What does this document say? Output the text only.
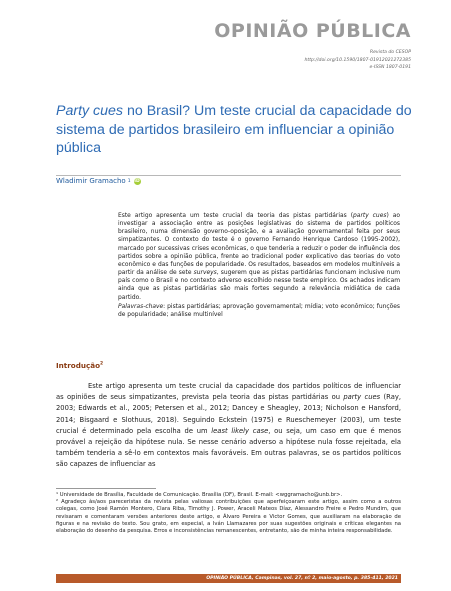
OPINIÃO PÚBLICA
Revista do CESOP
http://doi.org/10.1590/1807-01912021272385
e-ISSN 1807-0191
Party cues no Brasil? Um teste crucial da capacidade do sistema de partidos brasileiro em influenciar a opinião pública
Wladimir Gramacho 1 iD

Este artigo apresenta um teste crucial da teoria das pistas partidárias (party cues) ao investigar a associação entre as posições legislativas do sistema de partidos políticos brasileiro, numa dimensão governo-oposição, e a avaliação governamental feita por seus simpatizantes. O contexto do teste é o governo Fernando Henrique Cardoso (1995-2002), marcado por sucessivas crises econômicas, o que tenderia a reduzir o poder de influência dos partidos sobre a opinião pública, frente ao tradicional poder explicativo das teorias do voto econômico e das funções de popularidade. Os resultados, baseados em modelos multiníveis a partir da análise de sete surveys, sugerem que as pistas partidárias funcionam inclusive num país como o Brasil e no contexto adverso escolhido nesse teste empírico. Os achados indicam ainda que as pistas partidárias são mais fortes segundo a relevância midiática de cada partido.

Palavras-chave: pistas partidárias; aprovação governamental; mídia; voto econômico; funções de popularidade; análise multinível

Introdução$^2$

Este artigo apresenta um teste crucial da capacidade dos partidos políticos de influenciar as opiniões de seus simpatizantes, prevista pela teoria das pistas partidárias ou party cues (Ray, 2003; Edwards et al., 2005; Petersen et al., 2012; Dancey e Sheagley, 2013; Nicholson e Hansford, 2014; Bisgaard e Slothuus, 2018). Seguindo Eckstein (1975) e Rueschemeyer (2003), um teste crucial é determinado pela escolha de um least likely case, ou seja, um caso em que é menos provável a rejeição da hipótese nula. Se nesse cenário adverso a hipótese nula fosse rejeitada, ela também tenderia a sê-lo em contextos mais favoráveis. Em outras palavras, se os partidos políticos são capazes de influenciar as

¹ Universidade de Brasília, Faculdade de Comunicação. Brasília (DF), Brasil. E-mail: <wggramacho@unb.br>.

² Agradeço às/aos pareceristas da revista pelas valiosas contribuições que aperfeiçoaram este artigo, assim como a outros colegas, como José Ramón Montero, Clara Riba, Timothy J. Power, Araceli Mateos Díaz, Alessandro Freire e Pedro Mundim, que revisaram e comentaram versões anteriores deste artigo, e Álvaro Pereira e Victor Gomes, que auxiliaram na elaboração de figuras e na revisão do texto. Sou grato, em especial, a Iván Llamazares por suas sugestões originais e críticas elegantes na elaboração do desenho da pesquisa. Erros e inconsistências remanescentes, entretanto, são de minha inteira responsabilidade.

OPINIÃO PÚBLICA, Campinas, vol. 27, nº 2, maio-agosto, p. 385-411, 2021
